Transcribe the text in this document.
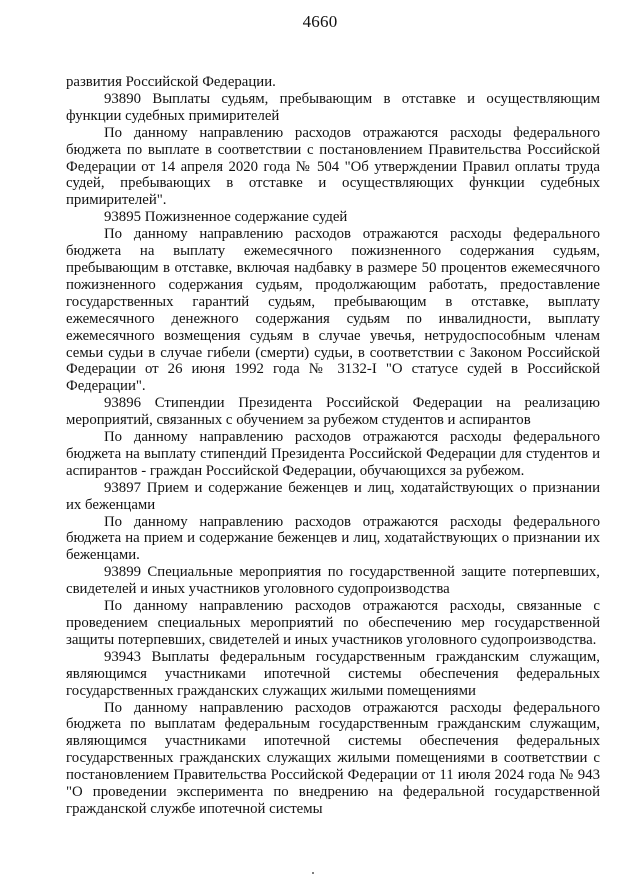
4660

развития Российской Федерации.

93890 Выплаты судьям, пребывающим в отставке и осуществляющим функции судебных примирителей

По данному направлению расходов отражаются расходы федерального бюджета по выплате в соответствии с постановлением Правительства Российской Федерации от 14 апреля 2020 года № 504 "Об утверждении Правил оплаты труда судей, пребывающих в отставке и осуществляющих функции судебных примирителей".

93895 Пожизненное содержание судей

По данному направлению расходов отражаются расходы федерального бюджета на выплату ежемесячного пожизненного содержания судьям, пребывающим в отставке, включая надбавку в размере 50 процентов ежемесячного пожизненного содержания судьям, продолжающим работать, предоставление государственных гарантий судьям, пребывающим в отставке, выплату ежемесячного денежного содержания судьям по инвалидности, выплату ежемесячного возмещения судьям в случае увечья, нетрудоспособным членам семьи судьи в случае гибели (смерти) судьи, в соответствии с Законом Российской Федерации от 26 июня 1992 года № 3132-I "О статусе судей в Российской Федерации".

93896 Стипендии Президента Российской Федерации на реализацию мероприятий, связанных с обучением за рубежом студентов и аспирантов

По данному направлению расходов отражаются расходы федерального бюджета на выплату стипендий Президента Российской Федерации для студентов и аспирантов - граждан Российской Федерации, обучающихся за рубежом.

93897 Прием и содержание беженцев и лиц, ходатайствующих о признании их беженцами

По данному направлению расходов отражаются расходы федерального бюджета на прием и содержание беженцев и лиц, ходатайствующих о признании их беженцами.

93899 Специальные мероприятия по государственной защите потерпевших, свидетелей и иных участников уголовного судопроизводства

По данному направлению расходов отражаются расходы, связанные с проведением специальных мероприятий по обеспечению мер государственной защиты потерпевших, свидетелей и иных участников уголовного судопроизводства.

93943 Выплаты федеральным государственным гражданским служащим, являющимся участниками ипотечной системы обеспечения федеральных государственных гражданских служащих жилыми помещениями

По данному направлению расходов отражаются расходы федерального бюджета по выплатам федеральным государственным гражданским служащим, являющимся участниками ипотечной системы обеспечения федеральных государственных гражданских служащих жилыми помещениями в соответствии с постановлением Правительства Российской Федерации от 11 июля 2024 года № 943 "О проведении эксперимента по внедрению на федеральной государственной гражданской службе ипотечной системы
